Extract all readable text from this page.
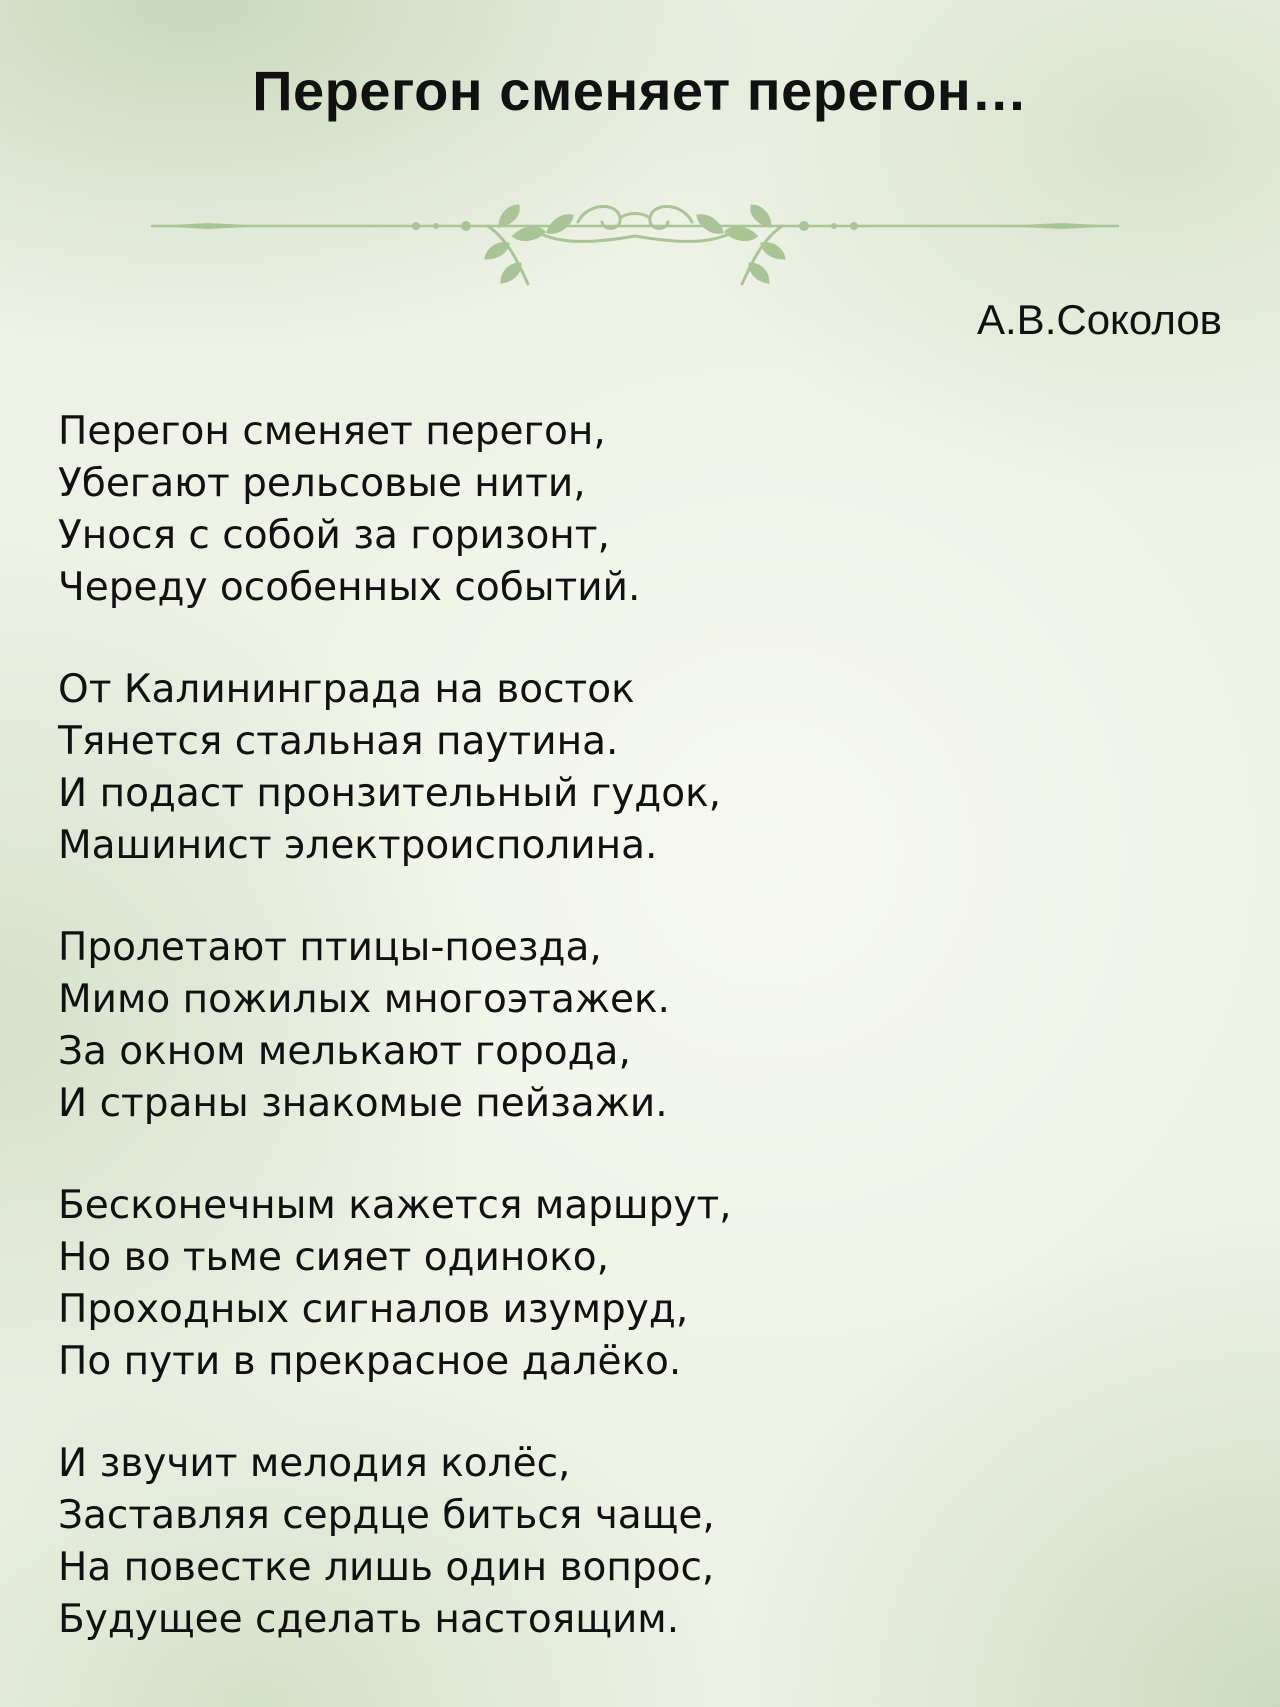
Перегон сменяет перегон…
А.В.Соколов
Перегон сменяет перегон,
Убегают рельсовые нити,
Унося с собой за горизонт,
Череду особенных событий.
От Калининграда на восток
Тянется стальная паутина.
И подаст пронзительный гудок,
Машинист электроисполина.
Пролетают птицы-поезда,
Мимо пожилых многоэтажек.
За окном мелькают города,
И страны знакомые пейзажи.
Бесконечным кажется маршрут,
Но во тьме сияет одиноко,
Проходных сигналов изумруд,
По пути в прекрасное далёко.
И звучит мелодия колёс,
Заставляя сердце биться чаще,
На повестке лишь один вопрос,
Будущее сделать настоящим.
